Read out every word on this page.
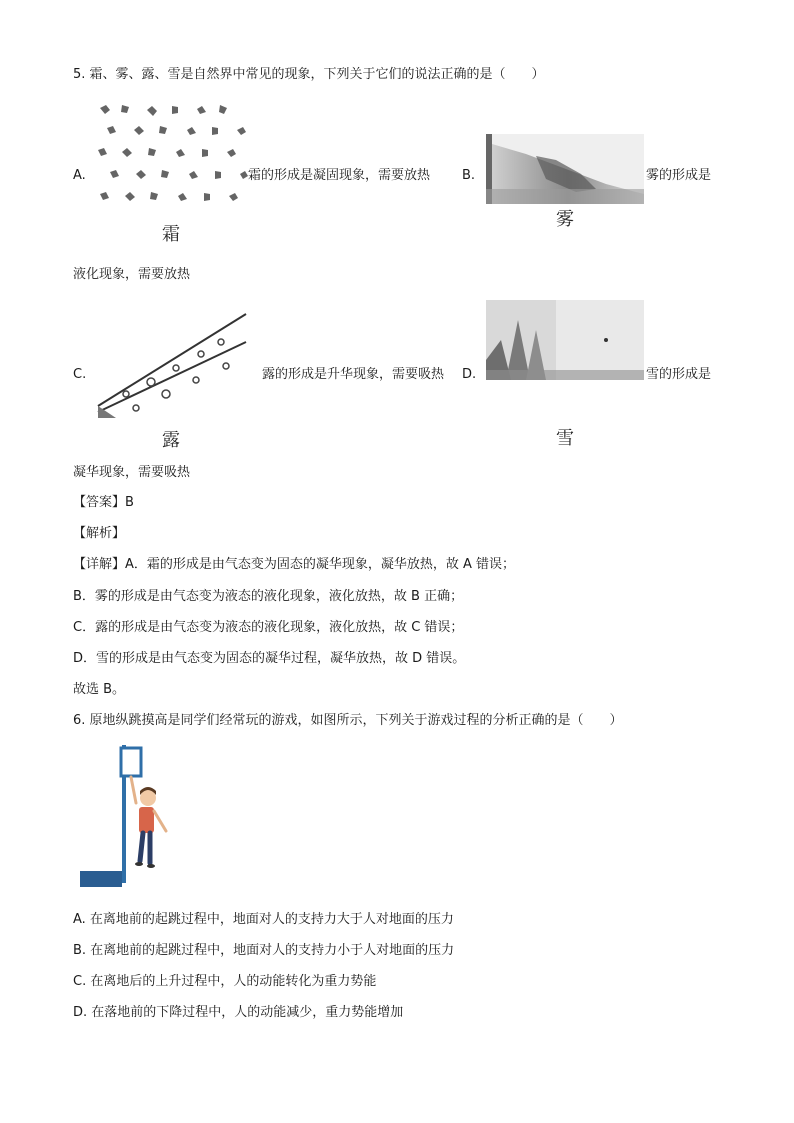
5. 霜、雾、露、雪是自然界中常见的现象，下列关于它们的说法正确的是（　　）
A.
霜
霜的形成是凝固现象，需要放热 B.
雾
雾的形成是
液化现象，需要放热
C.
露
露的形成是升华现象，需要吸热 D.
雪
雪的形成是
凝华现象，需要吸热
【答案】B
【解析】
【详解】A．霜的形成是由气态变为固态的凝华现象，凝华放热，故 A 错误；
B．雾的形成是由气态变为液态的液化现象，液化放热，故 B 正确；
C．露的形成是由气态变为液态的液化现象，液化放热，故 C 错误；
D．雪的形成是由气态变为固态的凝华过程，凝华放热，故 D 错误。
故选 B。
6. 原地纵跳摸高是同学们经常玩的游戏，如图所示，下列关于游戏过程的分析正确的是（　　）
A. 在离地前的起跳过程中，地面对人的支持力大于人对地面的压力
B. 在离地前的起跳过程中，地面对人的支持力小于人对地面的压力
C. 在离地后的上升过程中，人的动能转化为重力势能
D. 在落地前的下降过程中，人的动能减少，重力势能增加
